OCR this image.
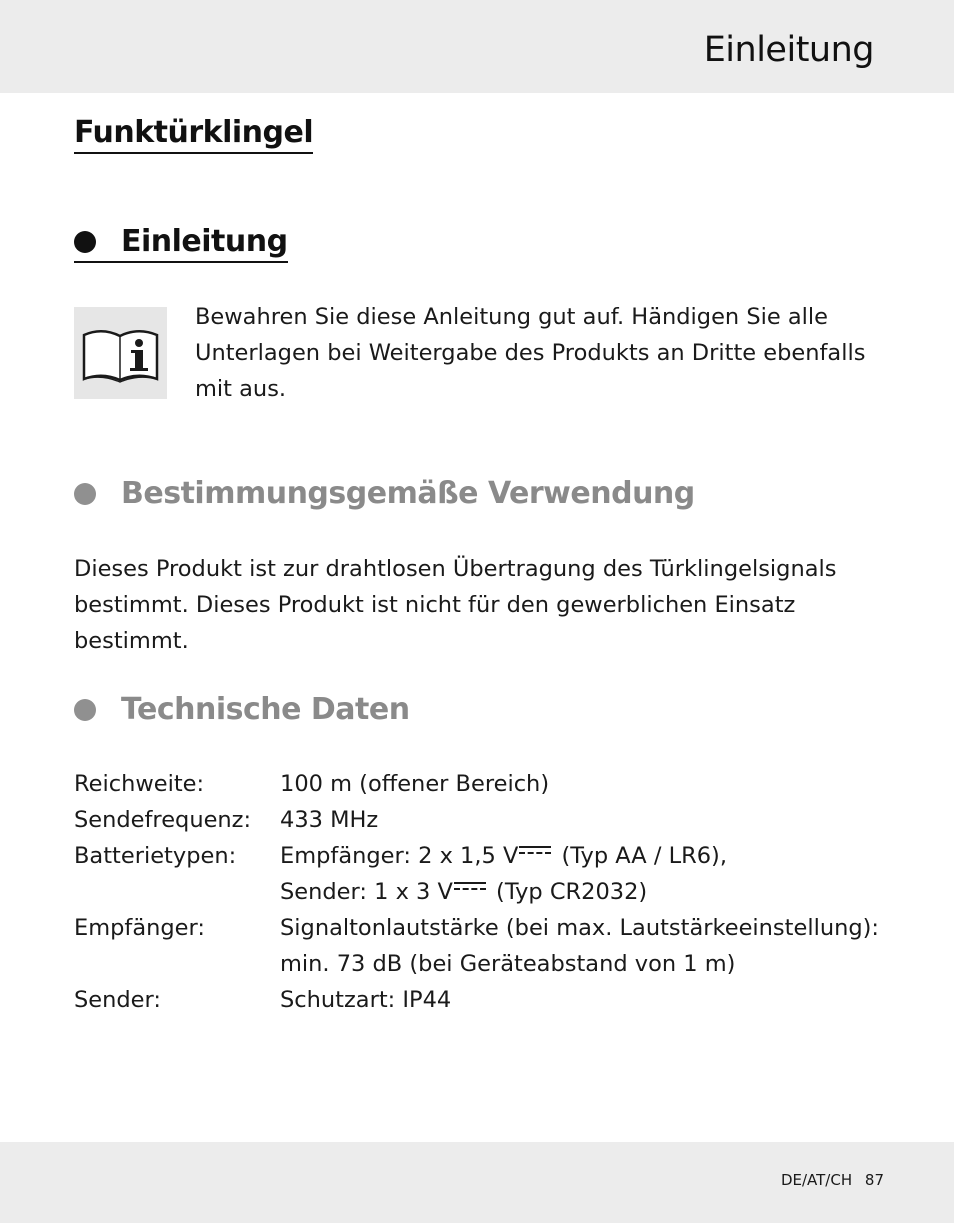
Einleitung
Funktürklingel
Einleitung

Bewahren Sie diese Anleitung gut auf. Händigen Sie alle Unterlagen bei Weitergabe des Produkts an Dritte ebenfalls mit aus.

Bestimmungsgemäße Verwendung

Dieses Produkt ist zur drahtlosen Übertragung des Türklingelsignals bestimmt. Dieses Produkt ist nicht für den gewerblichen Einsatz bestimmt.

Technische Daten
Reichweite:	100 m (offener Bereich)
Sendefrequenz:	433 MHz
Batterietypen:	Empfänger: 2 x 1,5 V (Typ AA / LR6),
Sender: 1 x 3 V (Typ CR2032)
Empfänger:	Signaltonlautstärke (bei max. Lautstärkeeinstellung):
min. 73 dB (bei Geräteabstand von 1 m)
Sender:	Schutzart: IP44
DE/AT/CH 87
